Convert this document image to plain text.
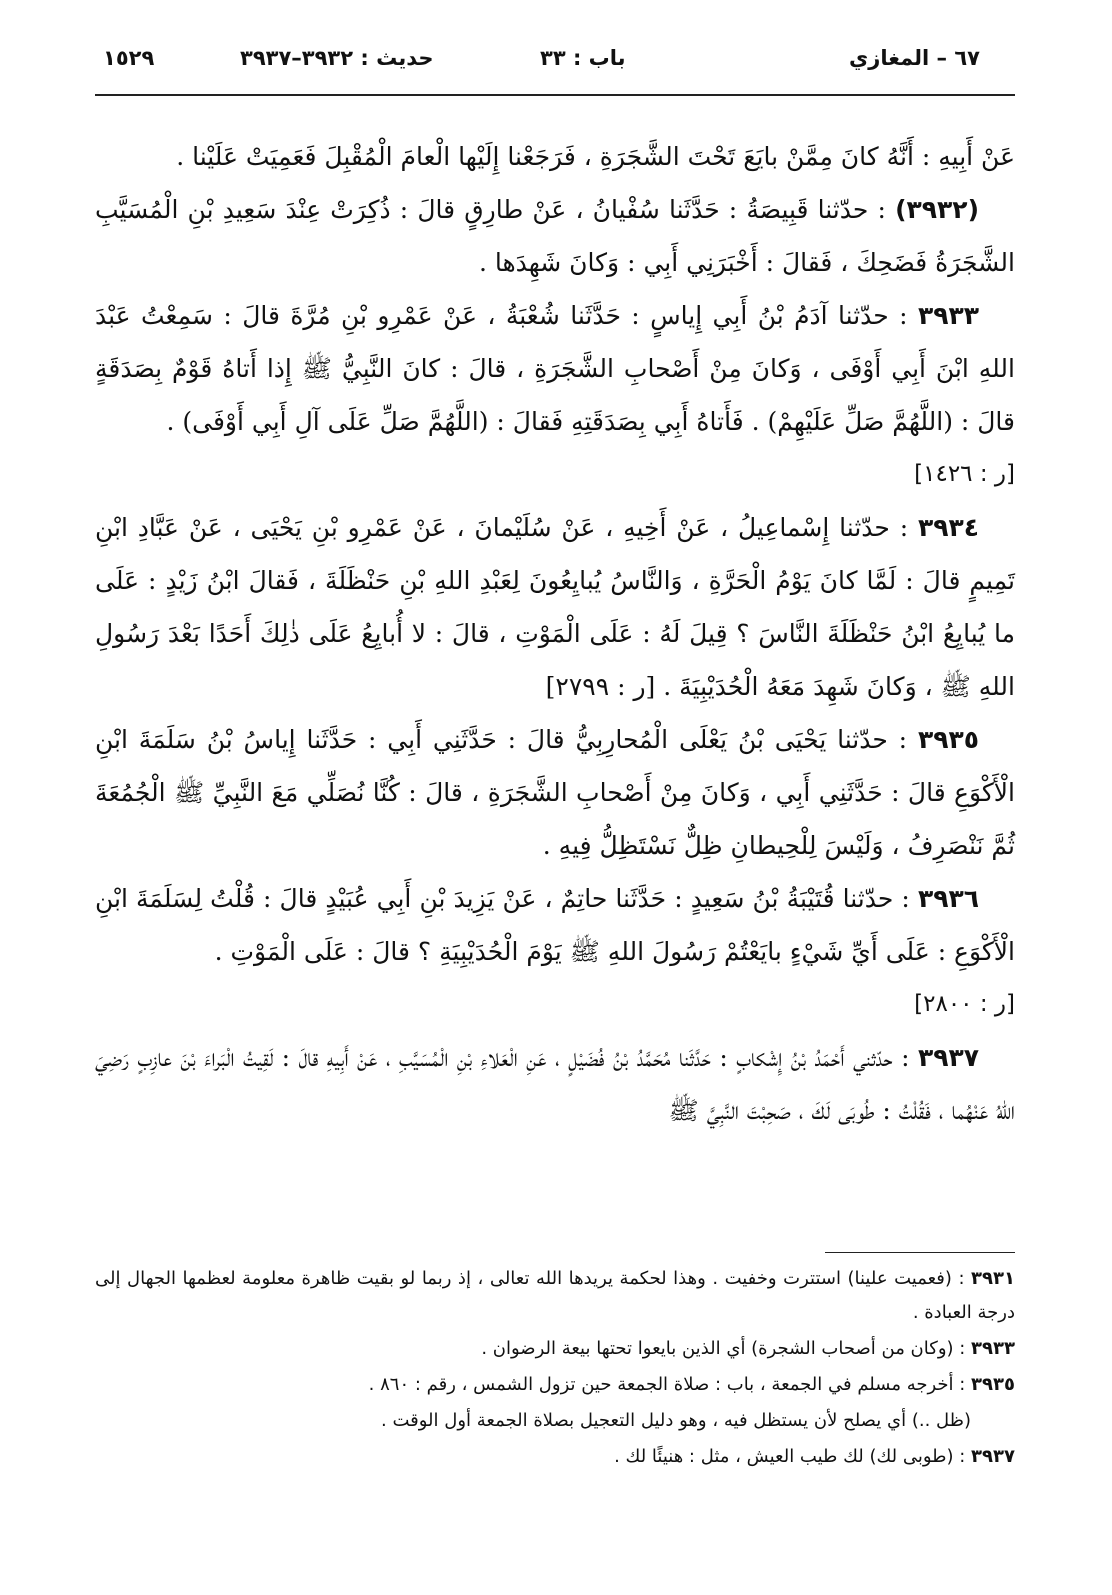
١٥٢٩	حديث : ٣٩٣٢–٣٩٣٧	باب : ٣٣	٦٧ – المغازي

عَنْ أَبِيهِ : أَنَّهُ كانَ مِمَّنْ بايَعَ تَحْتَ الشَّجَرَةِ ، فَرَجَعْنا إِلَيْها الْعامَ الْمُقْبِلَ فَعَمِيَتْ عَلَيْنا .

(٣٩٣٢) : حدّثنا قَبِيصَةُ : حَدَّثَنا سُفْيانُ ، عَنْ طارِقٍ قالَ : ذُكِرَتْ عِنْدَ سَعِيدِ بْنِ الْمُسَيَّبِ الشَّجَرَةُ فَضَحِكَ ، فَقالَ : أَخْبَرَنِي أَبِي : وَكانَ شَهِدَها .

٣٩٣٣ : حدّثنا آدَمُ بْنُ أَبِي إِياسٍ : حَدَّثَنا شُعْبَةُ ، عَنْ عَمْرِو بْنِ مُرَّةَ قالَ : سَمِعْتُ عَبْدَ اللهِ ابْنَ أَبِي أَوْفَى ، وَكانَ مِنْ أَصْحابِ الشَّجَرَةِ ، قالَ : كانَ النَّبِيُّ ﷺ إِذا أَتاهُ قَوْمٌ بِصَدَقَةٍ قالَ : (اللَّهُمَّ صَلِّ عَلَيْهِمْ) . فَأَتاهُ أَبِي بِصَدَقَتِهِ فَقالَ : (اللَّهُمَّ صَلِّ عَلَى آلِ أَبِي أَوْفَى) .

[ر : ١٤٢٦]

٣٩٣٤ : حدّثنا إِسْماعِيلُ ، عَنْ أَخِيهِ ، عَنْ سُلَيْمانَ ، عَنْ عَمْرِو بْنِ يَحْيَى ، عَنْ عَبَّادِ ابْنِ تَمِيمٍ قالَ : لَمَّا كانَ يَوْمُ الْحَرَّةِ ، وَالنَّاسُ يُبايِعُونَ لِعَبْدِ اللهِ بْنِ حَنْظَلَةَ ، فَقالَ ابْنُ زَيْدٍ : عَلَى ما يُبايِعُ ابْنُ حَنْظَلَةَ النَّاسَ ؟ قِيلَ لَهُ : عَلَى الْمَوْتِ ، قالَ : لا أُبايِعُ عَلَى ذٰلِكَ أَحَدًا بَعْدَ رَسُولِ اللهِ ﷺ ، وَكانَ شَهِدَ مَعَهُ الْحُدَيْبِيَةَ . [ر : ٢٧٩٩]

٣٩٣٥ : حدّثنا يَحْيَى بْنُ يَعْلَى الْمُحارِبِيُّ قالَ : حَدَّثَنِي أَبِي : حَدَّثَنا إِياسُ بْنُ سَلَمَةَ ابْنِ الْأَكْوَعِ قالَ : حَدَّثَنِي أَبِي ، وَكانَ مِنْ أَصْحابِ الشَّجَرَةِ ، قالَ : كُنَّا نُصَلِّي مَعَ النَّبِيِّ ﷺ الْجُمُعَةَ ثُمَّ نَنْصَرِفُ ، وَلَيْسَ لِلْحِيطانِ ظِلٌّ نَسْتَظِلُّ فِيهِ .

٣٩٣٦ : حدّثنا قُتَيْبَةُ بْنُ سَعِيدٍ : حَدَّثَنا حاتِمٌ ، عَنْ يَزِيدَ بْنِ أَبِي عُبَيْدٍ قالَ : قُلْتُ لِسَلَمَةَ ابْنِ الْأَكْوَعِ : عَلَى أَيِّ شَيْءٍ بايَعْتُمْ رَسُولَ اللهِ ﷺ يَوْمَ الْحُدَيْبِيَةِ ؟ قالَ : عَلَى الْمَوْتِ .

[ر : ٢٨٠٠]

٣٩٣٧ : حدّثني أَحْمَدُ بْنُ إِشْكابٍ : حَدَّثَنا مُحَمَّدُ بْنُ فُضَيْلٍ ، عَنِ الْعَلاءِ بْنِ الْمُسَيَّبِ ، عَنْ أَبِيهِ قالَ : لَقِيتُ الْبَراءَ بْنَ عازِبٍ رَضِيَ اللهُ عَنْهُما ، فَقُلْتُ : طُوبَى لَكَ ، صَحِبْتَ النَّبِيَّ ﷺ

٣٩٣١ : (فعميت علينا) استترت وخفيت . وهذا لحكمة يريدها الله تعالى ، إذ ربما لو بقيت ظاهرة معلومة لعظمها الجهال إلى درجة العبادة .

٣٩٣٣ : (وكان من أصحاب الشجرة) أي الذين بايعوا تحتها بيعة الرضوان .

٣٩٣٥ : أخرجه مسلم في الجمعة ، باب : صلاة الجمعة حين تزول الشمس ، رقم : ٨٦٠ .

(ظل ..) أي يصلح لأن يستظل فيه ، وهو دليل التعجيل بصلاة الجمعة أول الوقت .

٣٩٣٧ : (طوبى لك) لك طيب العيش ، مثل : هنيئًا لك .
